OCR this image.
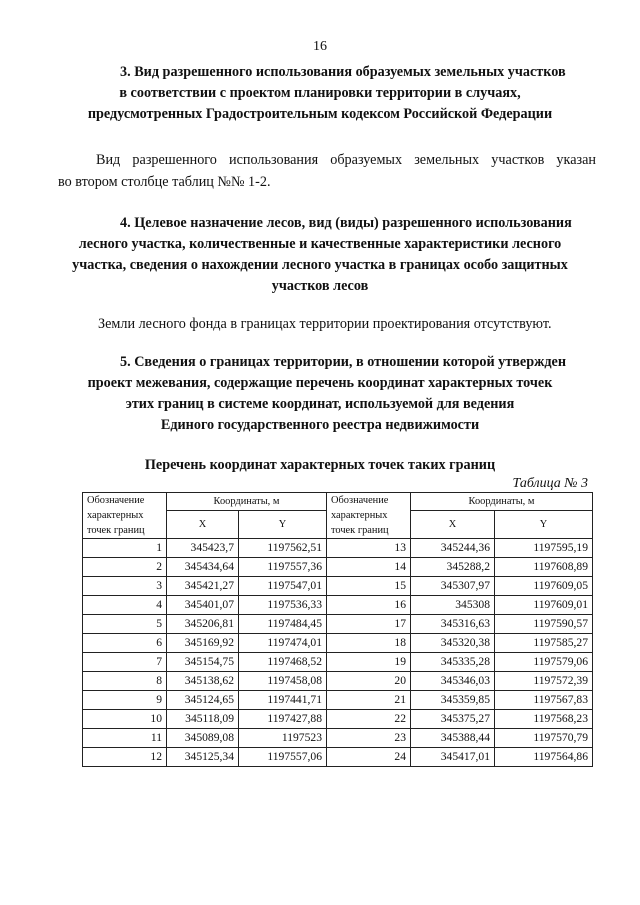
16
3. Вид разрешенного использования образуемых земельных участков
в соответствии с проектом планировки территории в случаях,
предусмотренных Градостроительным кодексом Российской Федерации
Вид разрешенного использования образуемых земельных участков указан
во втором столбце таблиц №№ 1-2.
4. Целевое назначение лесов, вид (виды) разрешенного использования
лесного участка, количественные и качественные характеристики лесного
участка, сведения о нахождении лесного участка в границах особо защитных
участков лесов
Земли лесного фонда в границах территории проектирования отсутствуют.
5. Сведения о границах территории, в отношении которой утвержден
проект межевания, содержащие перечень координат характерных точек
этих границ в системе координат, используемой для ведения
Единого государственного реестра недвижимости
Перечень координат характерных точек таких границ
Таблица № 3
Обозначение характерных точек границ	Координаты, м		Обозначение характерных точек границ	Координаты, м	
	X	Y		X	Y
1	345423,7	1197562,51	13	345244,36	1197595,19
2	345434,64	1197557,36	14	345288,2	1197608,89
3	345421,27	1197547,01	15	345307,97	1197609,05
4	345401,07	1197536,33	16	345308	1197609,01
5	345206,81	1197484,45	17	345316,63	1197590,57
6	345169,92	1197474,01	18	345320,38	1197585,27
7	345154,75	1197468,52	19	345335,28	1197579,06
8	345138,62	1197458,08	20	345346,03	1197572,39
9	345124,65	1197441,71	21	345359,85	1197567,83
10	345118,09	1197427,88	22	345375,27	1197568,23
11	345089,08	1197523	23	345388,44	1197570,79
12	345125,34	1197557,06	24	345417,01	1197564,86
